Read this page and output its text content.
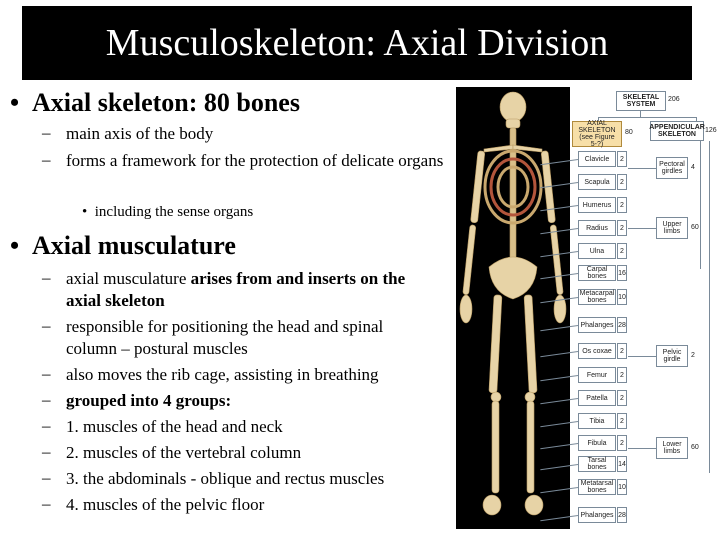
Musculoskeleton: Axial Division
• Axial skeleton: 80 bones
– main axis of the body
– forms a framework for the protection of delicate organs
•  including the sense organs
• Axial musculature
– axial musculature arises from and inserts on the axial skeleton
– responsible for positioning the head and spinal column – postural muscles
– also moves the rib cage, assisting in breathing
– grouped into 4 groups:
– 1. muscles of the head and neck
– 2. muscles of the vertebral column
– 3. the abdominals - oblique and rectus muscles
– 4. muscles of the pelvic floor
SKELETAL SYSTEM
206
AXIAL SKELETON (see Figure 5-?)
80
APPENDICULAR SKELETON
126
Clavicle	2
Scapula	2
Humerus	2
Radius	2
Ulna	2
Carpal bones	16
Metacarpal bones	10
Phalanges 28
Os coxae	2
Femur	2
Patella	2
Tibia	2
Fibula	2
Tarsal bones	14
Metatarsal bones	10
Phalanges 28
Pectoral girdles
4
Upper limbs
60
Pelvic girdle
2
Lower limbs
60
